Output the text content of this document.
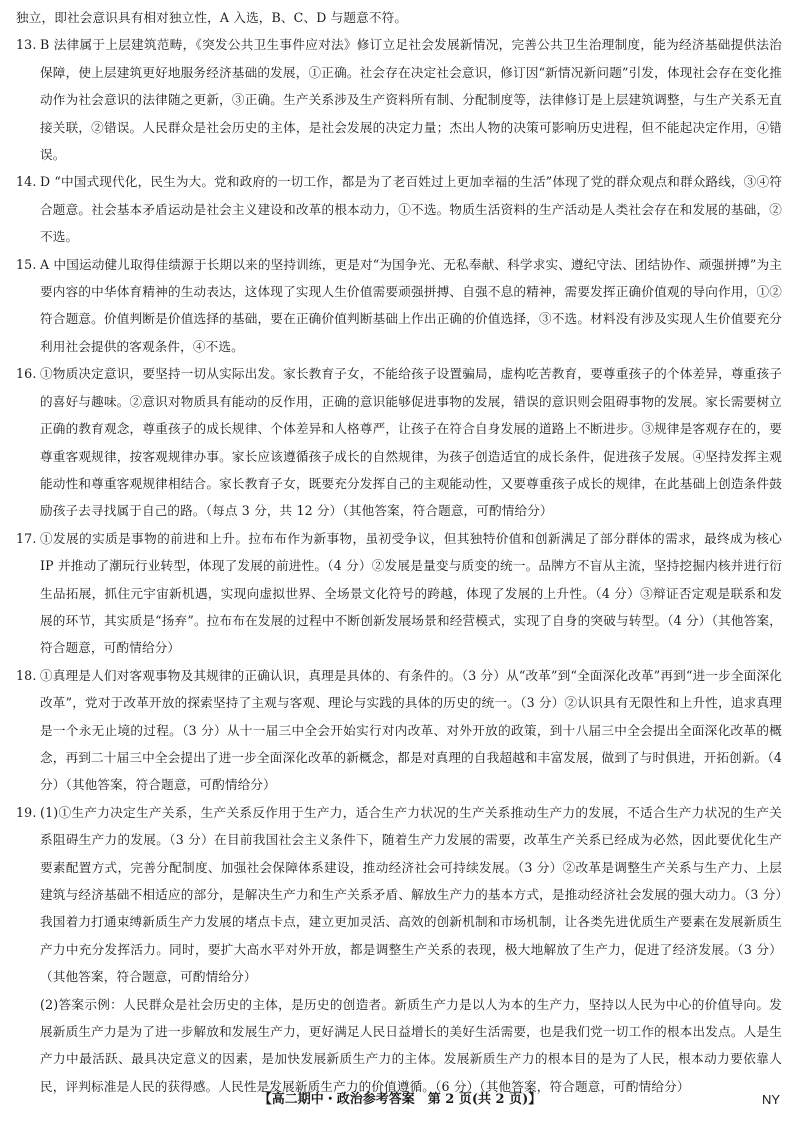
独立，即社会意识具有相对独立性，A 入选，B、C、D 与题意不符。

13. B 法律属于上层建筑范畴，《突发公共卫生事件应对法》修订立足社会发展新情况，完善公共卫生治理制度，能为经济基础提供法治保障，使上层建筑更好地服务经济基础的发展，①正确。社会存在决定社会意识，修订因“新情况新问题”引发，体现社会存在变化推动作为社会意识的法律随之更新，③正确。生产关系涉及生产资料所有制、分配制度等，法律修订是上层建筑调整，与生产关系无直接关联，②错误。人民群众是社会历史的主体，是社会发展的决定力量；杰出人物的决策可影响历史进程，但不能起决定作用，④错误。
14. D “中国式现代化，民生为大。党和政府的一切工作，都是为了老百姓过上更加幸福的生活”体现了党的群众观点和群众路线，③④符合题意。社会基本矛盾运动是社会主义建设和改革的根本动力，①不选。物质生活资料的生产活动是人类社会存在和发展的基础，②不选。
15. A 中国运动健儿取得佳绩源于长期以来的坚持训练，更是对“为国争光、无私奉献、科学求实、遵纪守法、团结协作、顽强拼搏”为主要内容的中华体育精神的生动表达，这体现了实现人生价值需要顽强拼搏、自强不息的精神，需要发挥正确价值观的导向作用，①②符合题意。价值判断是价值选择的基础，要在正确价值判断基础上作出正确的价值选择，③不选。材料没有涉及实现人生价值要充分利用社会提供的客观条件，④不选。
16. ①物质决定意识，要坚持一切从实际出发。家长教育子女，不能给孩子设置骗局，虚构吃苦教育，要尊重孩子的个体差异，尊重孩子的喜好与趣味。②意识对物质具有能动的反作用，正确的意识能够促进事物的发展，错误的意识则会阻碍事物的发展。家长需要树立正确的教育观念，尊重孩子的成长规律、个体差异和人格尊严，让孩子在符合自身发展的道路上不断进步。③规律是客观存在的，要尊重客观规律，按客观规律办事。家长应该遵循孩子成长的自然规律，为孩子创造适宜的成长条件，促进孩子发展。④坚持发挥主观能动性和尊重客观规律相结合。家长教育子女，既要充分发挥自己的主观能动性，又要尊重孩子成长的规律，在此基础上创造条件鼓励孩子去寻找属于自己的路。（每点 3 分，共 12 分）（其他答案，符合题意，可酌情给分）
17. ①发展的实质是事物的前进和上升。拉布布作为新事物，虽初受争议，但其独特价值和创新满足了部分群体的需求，最终成为核心 IP 并推动了潮玩行业转型，体现了发展的前进性。（4 分）②发展是量变与质变的统一。品牌方不盲从主流，坚持挖掘内核并进行衍生品拓展，抓住元宇宙新机遇，实现向虚拟世界、全场景文化符号的跨越，体现了发展的上升性。（4 分）③辩证否定观是联系和发展的环节，其实质是“扬弃”。拉布布在发展的过程中不断创新发展场景和经营模式，实现了自身的突破与转型。（4 分）（其他答案，符合题意，可酌情给分）
18. ①真理是人们对客观事物及其规律的正确认识，真理是具体的、有条件的。（3 分）从“改革”到“全面深化改革”再到“进一步全面深化改革”，党对于改革开放的探索坚持了主观与客观、理论与实践的具体的历史的统一。（3 分）②认识具有无限性和上升性，追求真理是一个永无止境的过程。（3 分）从十一届三中全会开始实行对内改革、对外开放的政策，到十八届三中全会提出全面深化改革的概念，再到二十届三中全会提出了进一步全面深化改革的新概念，都是对真理的自我超越和丰富发展，做到了与时俱进，开拓创新。（4 分）（其他答案，符合题意，可酌情给分）
19. (1)①生产力决定生产关系，生产关系反作用于生产力，适合生产力状况的生产关系推动生产力的发展，不适合生产力状况的生产关系阻碍生产力的发展。（3 分）在目前我国社会主义条件下，随着生产力发展的需要，改革生产关系已经成为必然，因此要优化生产要素配置方式，完善分配制度、加强社会保障体系建设，推动经济社会可持续发展。（3 分）②改革是调整生产关系与生产力、上层建筑与经济基础不相适应的部分，是解决生产力和生产关系矛盾、解放生产力的基本方式，是推动经济社会发展的强大动力。（3 分）我国着力打通束缚新质生产力发展的堵点卡点，建立更加灵活、高效的创新机制和市场机制，让各类先进优质生产要素在发展新质生产力中充分发挥活力。同时，要扩大高水平对外开放，都是调整生产关系的表现，极大地解放了生产力，促进了经济发展。（3 分）（其他答案，符合题意，可酌情给分）

(2)答案示例：人民群众是社会历史的主体，是历史的创造者。新质生产力是以人为本的生产力，坚持以人民为中心的价值导向。发展新质生产力是为了进一步解放和发展生产力，更好满足人民日益增长的美好生活需要，也是我们党一切工作的根本出发点。人是生产力中最活跃、最具决定意义的因素，是加快发展新质生产力的主体。发展新质生产力的根本目的是为了人民，根本动力要依靠人民，评判标准是人民的获得感。人民性是发展新质生产力的价值遵循。（6 分）（其他答案，符合题意，可酌情给分）

【高二期中・政治参考答案　第 2 页(共 2 页)】	NY
